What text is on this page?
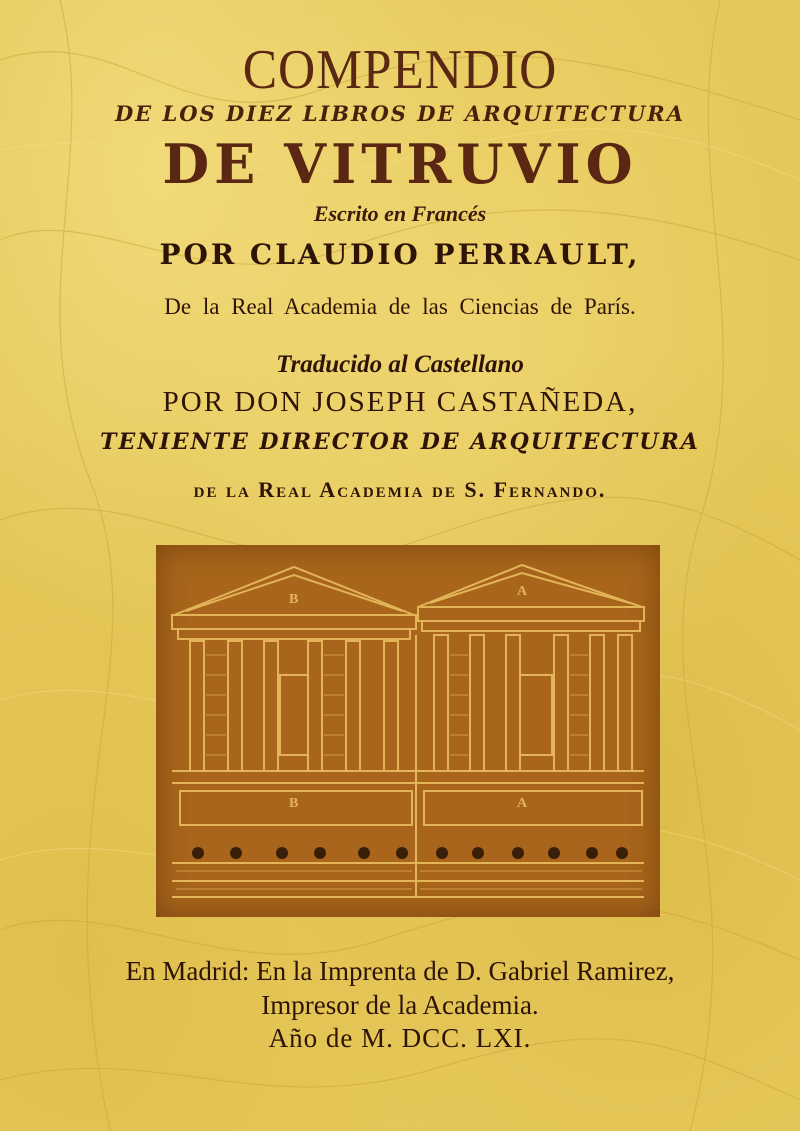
COMPENDIO
DE LOS DIEZ LIBROS DE ARQUITECTURA
DE VITRUVIO
Escrito en Francés
POR CLAUDIO PERRAULT,
De la Real Academia de las Ciencias de París.
Traducido al Castellano
POR DON JOSEPH CASTAÑEDA,
TENIENTE DIRECTOR DE ARQUITECTURA
de la Real Academia de S. Fernando.
B
A
B	A
En Madrid: En la Imprenta de D. Gabriel Ramirez,
Impresor de la Academia.
Año de M. DCC. LXI.
